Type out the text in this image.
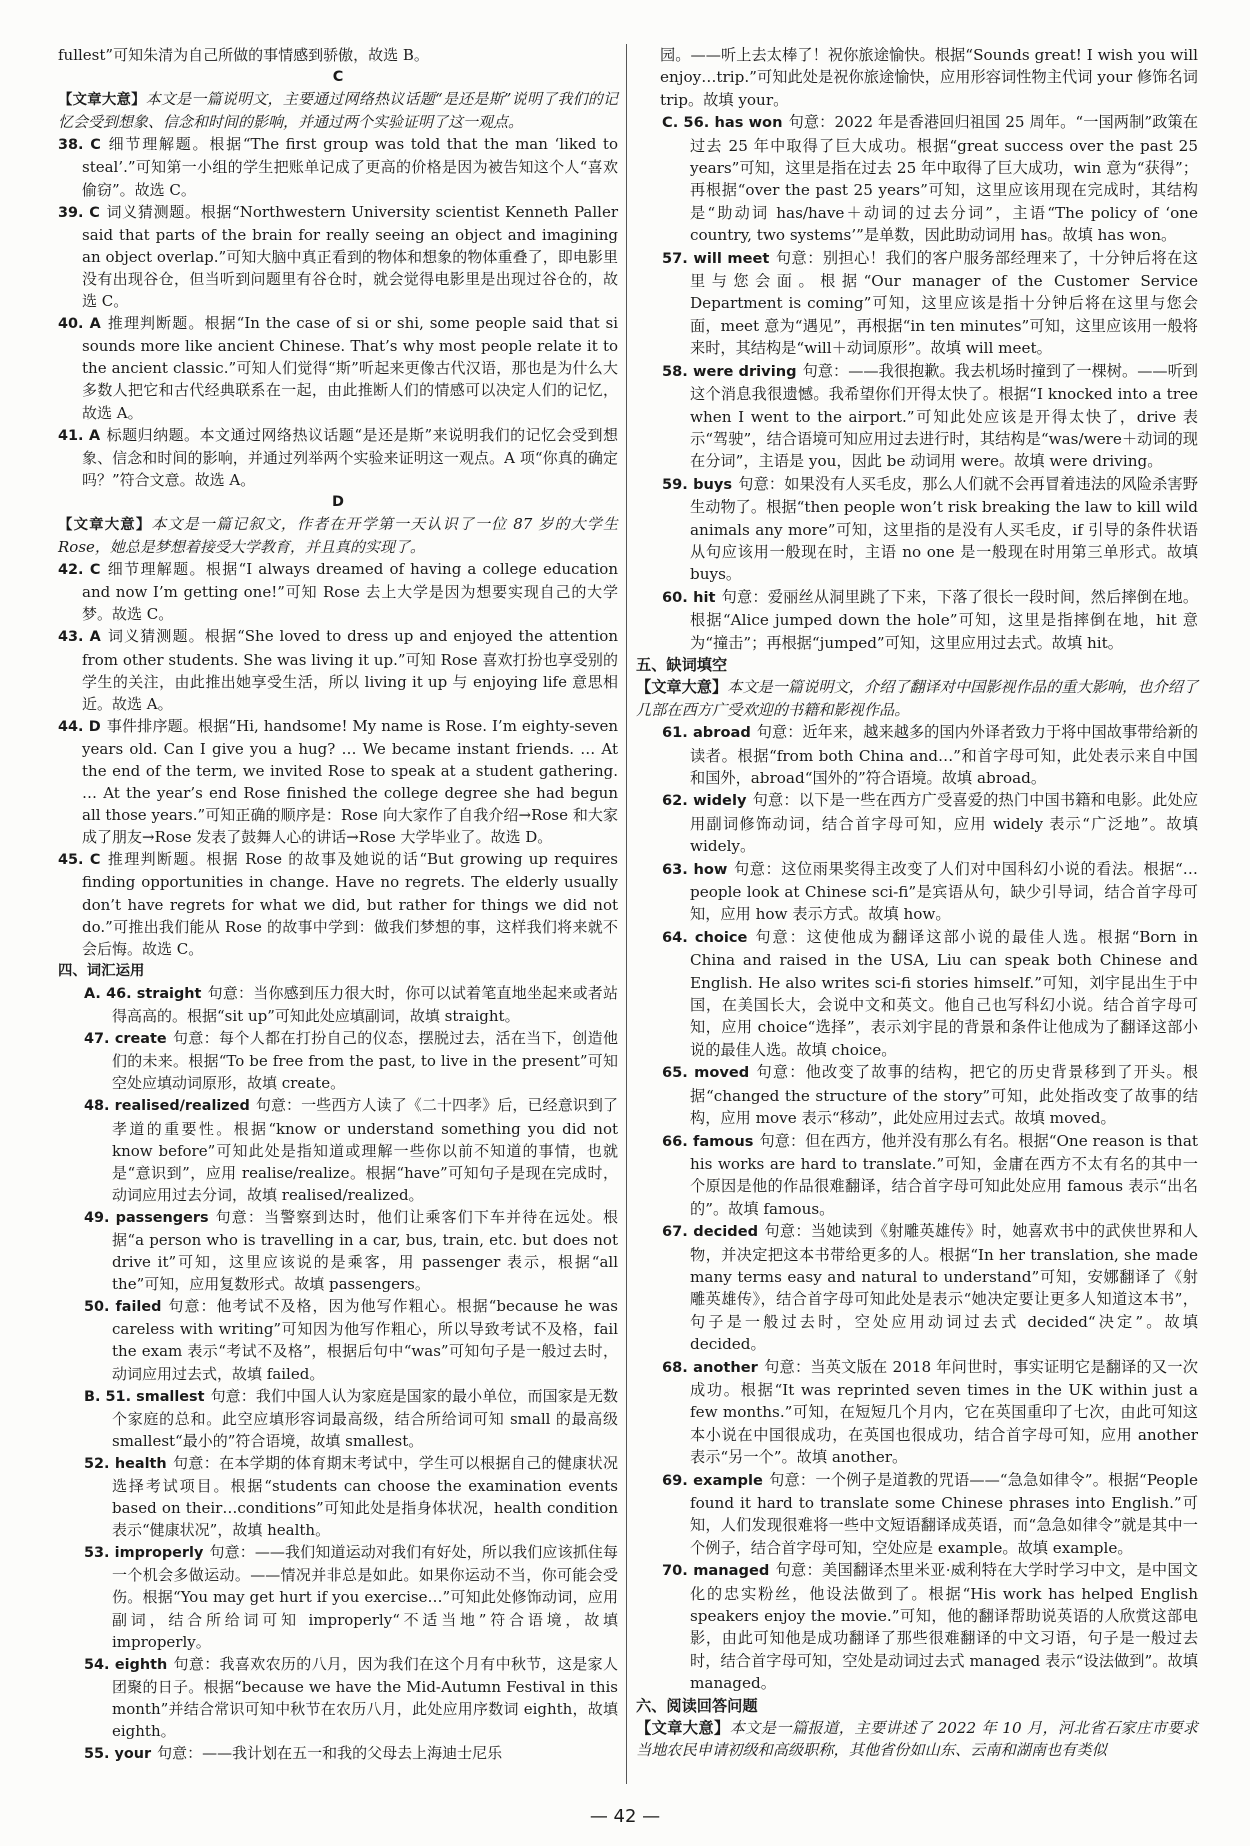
fullest”可知朱清为自己所做的事情感到骄傲，故选 B。

C

【文章大意】本文是一篇说明文，主要通过网络热议话题“是还是斯”说明了我们的记忆会受到想象、信念和时间的影响，并通过两个实验证明了这一观点。

38. C 细节理解题。根据“The first group was told that the man ‘liked to steal’.”可知第一小组的学生把账单记成了更高的价格是因为被告知这个人“喜欢偷窃”。故选 C。

39. C 词义猜测题。根据“Northwestern University scientist Kenneth Paller said that parts of the brain for really seeing an object and imagining an object overlap.”可知大脑中真正看到的物体和想象的物体重叠了，即电影里没有出现谷仓，但当听到问题里有谷仓时，就会觉得电影里是出现过谷仓的，故选 C。

40. A 推理判断题。根据“In the case of si or shi, some people said that si sounds more like ancient Chinese. That’s why most people relate it to the ancient classic.”可知人们觉得“斯”听起来更像古代汉语，那也是为什么大多数人把它和古代经典联系在一起，由此推断人们的情感可以决定人们的记忆，故选 A。

41. A 标题归纳题。本文通过网络热议话题“是还是斯”来说明我们的记忆会受到想象、信念和时间的影响，并通过列举两个实验来证明这一观点。A 项“你真的确定吗？”符合文意。故选 A。

D

【文章大意】本文是一篇记叙文，作者在开学第一天认识了一位 87 岁的大学生 Rose，她总是梦想着接受大学教育，并且真的实现了。

42. C 细节理解题。根据“I always dreamed of having a college education and now I’m getting one!”可知 Rose 去上大学是因为想要实现自己的大学梦。故选 C。

43. A 词义猜测题。根据“She loved to dress up and enjoyed the attention from other students. She was living it up.”可知 Rose 喜欢打扮也享受别的学生的关注，由此推出她享受生活，所以 living it up 与 enjoying life 意思相近。故选 A。

44. D 事件排序题。根据“Hi, handsome! My name is Rose. I’m eighty-seven years old. Can I give you a hug? … We became instant friends. … At the end of the term, we invited Rose to speak at a student gathering. … At the year’s end Rose finished the college degree she had begun all those years.”可知正确的顺序是：Rose 向大家作了自我介绍→Rose 和大家成了朋友→Rose 发表了鼓舞人心的讲话→Rose 大学毕业了。故选 D。

45. C 推理判断题。根据 Rose 的故事及她说的话“But growing up requires finding opportunities in change. Have no regrets. The elderly usually don’t have regrets for what we did, but rather for things we did not do.”可推出我们能从 Rose 的故事中学到：做我们梦想的事，这样我们将来就不会后悔。故选 C。

四、词汇运用

A. 46. straight 句意：当你感到压力很大时，你可以试着笔直地坐起来或者站得高高的。根据“sit up”可知此处应填副词，故填 straight。

47. create 句意：每个人都在打扮自己的仪态，摆脱过去，活在当下，创造他们的未来。根据“To be free from the past, to live in the present”可知空处应填动词原形，故填 create。

48. realised/realized 句意：一些西方人读了《二十四孝》后，已经意识到了孝道的重要性。根据“know or understand something you did not know before”可知此处是指知道或理解一些你以前不知道的事情，也就是“意识到”，应用 realise/realize。根据“have”可知句子是现在完成时，动词应用过去分词，故填 realised/realized。

49. passengers 句意：当警察到达时，他们让乘客们下车并待在远处。根据“a person who is travelling in a car, bus, train, etc. but does not drive it”可知，这里应该说的是乘客，用 passenger 表示，根据“all the”可知，应用复数形式。故填 passengers。

50. failed 句意：他考试不及格，因为他写作粗心。根据“because he was careless with writing”可知因为他写作粗心，所以导致考试不及格，fail the exam 表示“考试不及格”，根据后句中“was”可知句子是一般过去时，动词应用过去式，故填 failed。

B. 51. smallest 句意：我们中国人认为家庭是国家的最小单位，而国家是无数个家庭的总和。此空应填形容词最高级，结合所给词可知 small 的最高级 smallest“最小的”符合语境，故填 smallest。

52. health 句意：在本学期的体育期末考试中，学生可以根据自己的健康状况选择考试项目。根据“students can choose the examination events based on their…conditions”可知此处是指身体状况，health condition 表示“健康状况”，故填 health。

53. improperly 句意：——我们知道运动对我们有好处，所以我们应该抓住每一个机会多做运动。——情况并非总是如此。如果你运动不当，你可能会受伤。根据“You may get hurt if you exercise…”可知此处修饰动词，应用副词，结合所给词可知 improperly“不适当地”符合语境，故填 improperly。

54. eighth 句意：我喜欢农历的八月，因为我们在这个月有中秋节，这是家人团聚的日子。根据“because we have the Mid-Autumn Festival in this month”并结合常识可知中秋节在农历八月，此处应用序数词 eighth，故填 eighth。

55. your 句意：——我计划在五一和我的父母去上海迪士尼乐

园。——听上去太棒了！祝你旅途愉快。根据“Sounds great! I wish you will enjoy…trip.”可知此处是祝你旅途愉快，应用形容词性物主代词 your 修饰名词 trip。故填 your。

C. 56. has won 句意：2022 年是香港回归祖国 25 周年。“一国两制”政策在过去 25 年中取得了巨大成功。根据“great success over the past 25 years”可知，这里是指在过去 25 年中取得了巨大成功，win 意为“获得”；再根据“over the past 25 years”可知，这里应该用现在完成时，其结构是“助动词 has/have＋动词的过去分词”，主语“The policy of ‘one country, two systems’”是单数，因此助动词用 has。故填 has won。

57. will meet 句意：别担心！我们的客户服务部经理来了，十分钟后将在这里与您会面。根据“Our manager of the Customer Service Department is coming”可知，这里应该是指十分钟后将在这里与您会面，meet 意为“遇见”，再根据“in ten minutes”可知，这里应该用一般将来时，其结构是“will＋动词原形”。故填 will meet。

58. were driving 句意：——我很抱歉。我去机场时撞到了一棵树。——听到这个消息我很遗憾。我希望你们开得太快了。根据“I knocked into a tree when I went to the airport.”可知此处应该是开得太快了，drive 表示“驾驶”，结合语境可知应用过去进行时，其结构是“was/were＋动词的现在分词”，主语是 you，因此 be 动词用 were。故填 were driving。

59. buys 句意：如果没有人买毛皮，那么人们就不会再冒着违法的风险杀害野生动物了。根据“then people won’t risk breaking the law to kill wild animals any more”可知，这里指的是没有人买毛皮，if 引导的条件状语从句应该用一般现在时，主语 no one 是一般现在时用第三单形式。故填 buys。

60. hit 句意：爱丽丝从洞里跳了下来，下落了很长一段时间，然后摔倒在地。根据“Alice jumped down the hole”可知，这里是指摔倒在地，hit 意为“撞击”；再根据“jumped”可知，这里应用过去式。故填 hit。

五、缺词填空

【文章大意】本文是一篇说明文，介绍了翻译对中国影视作品的重大影响，也介绍了几部在西方广受欢迎的书籍和影视作品。

61. abroad 句意：近年来，越来越多的国内外译者致力于将中国故事带给新的读者。根据“from both China and…”和首字母可知，此处表示来自中国和国外，abroad“国外的”符合语境。故填 abroad。

62. widely 句意：以下是一些在西方广受喜爱的热门中国书籍和电影。此处应用副词修饰动词，结合首字母可知，应用 widely 表示“广泛地”。故填 widely。

63. how 句意：这位雨果奖得主改变了人们对中国科幻小说的看法。根据“…people look at Chinese sci-fi”是宾语从句，缺少引导词，结合首字母可知，应用 how 表示方式。故填 how。

64. choice 句意：这使他成为翻译这部小说的最佳人选。根据“Born in China and raised in the USA, Liu can speak both Chinese and English. He also writes sci-fi stories himself.”可知，刘宇昆出生于中国，在美国长大，会说中文和英文。他自己也写科幻小说。结合首字母可知，应用 choice“选择”，表示刘宇昆的背景和条件让他成为了翻译这部小说的最佳人选。故填 choice。

65. moved 句意：他改变了故事的结构，把它的历史背景移到了开头。根据“changed the structure of the story”可知，此处指改变了故事的结构，应用 move 表示“移动”，此处应用过去式。故填 moved。

66. famous 句意：但在西方，他并没有那么有名。根据“One reason is that his works are hard to translate.”可知，金庸在西方不太有名的其中一个原因是他的作品很难翻译，结合首字母可知此处应用 famous 表示“出名的”。故填 famous。

67. decided 句意：当她读到《射雕英雄传》时，她喜欢书中的武侠世界和人物，并决定把这本书带给更多的人。根据“In her translation, she made many terms easy and natural to understand”可知，安娜翻译了《射雕英雄传》，结合首字母可知此处是表示“她决定要让更多人知道这本书”，句子是一般过去时，空处应用动词过去式 decided“决定”。故填 decided。

68. another 句意：当英文版在 2018 年问世时，事实证明它是翻译的又一次成功。根据“It was reprinted seven times in the UK within just a few months.”可知，在短短几个月内，它在英国重印了七次，由此可知这本小说在中国很成功，在英国也很成功，结合首字母可知，应用 another 表示“另一个”。故填 another。

69. example 句意：一个例子是道教的咒语——“急急如律令”。根据“People found it hard to translate some Chinese phrases into English.”可知，人们发现很难将一些中文短语翻译成英语，而“急急如律令”就是其中一个例子，结合首字母可知，空处应是 example。故填 example。

70. managed 句意：美国翻译杰里米亚·威利特在大学时学习中文，是中国文化的忠实粉丝，他设法做到了。根据“His work has helped English speakers enjoy the movie.”可知，他的翻译帮助说英语的人欣赏这部电影，由此可知他是成功翻译了那些很难翻译的中文习语，句子是一般过去时，结合首字母可知，空处是动词过去式 managed 表示“设法做到”。故填 managed。

六、阅读回答问题

【文章大意】本文是一篇报道，主要讲述了 2022 年 10 月，河北省石家庄市要求当地农民申请初级和高级职称，其他省份如山东、云南和湖南也有类似

— 42 —
